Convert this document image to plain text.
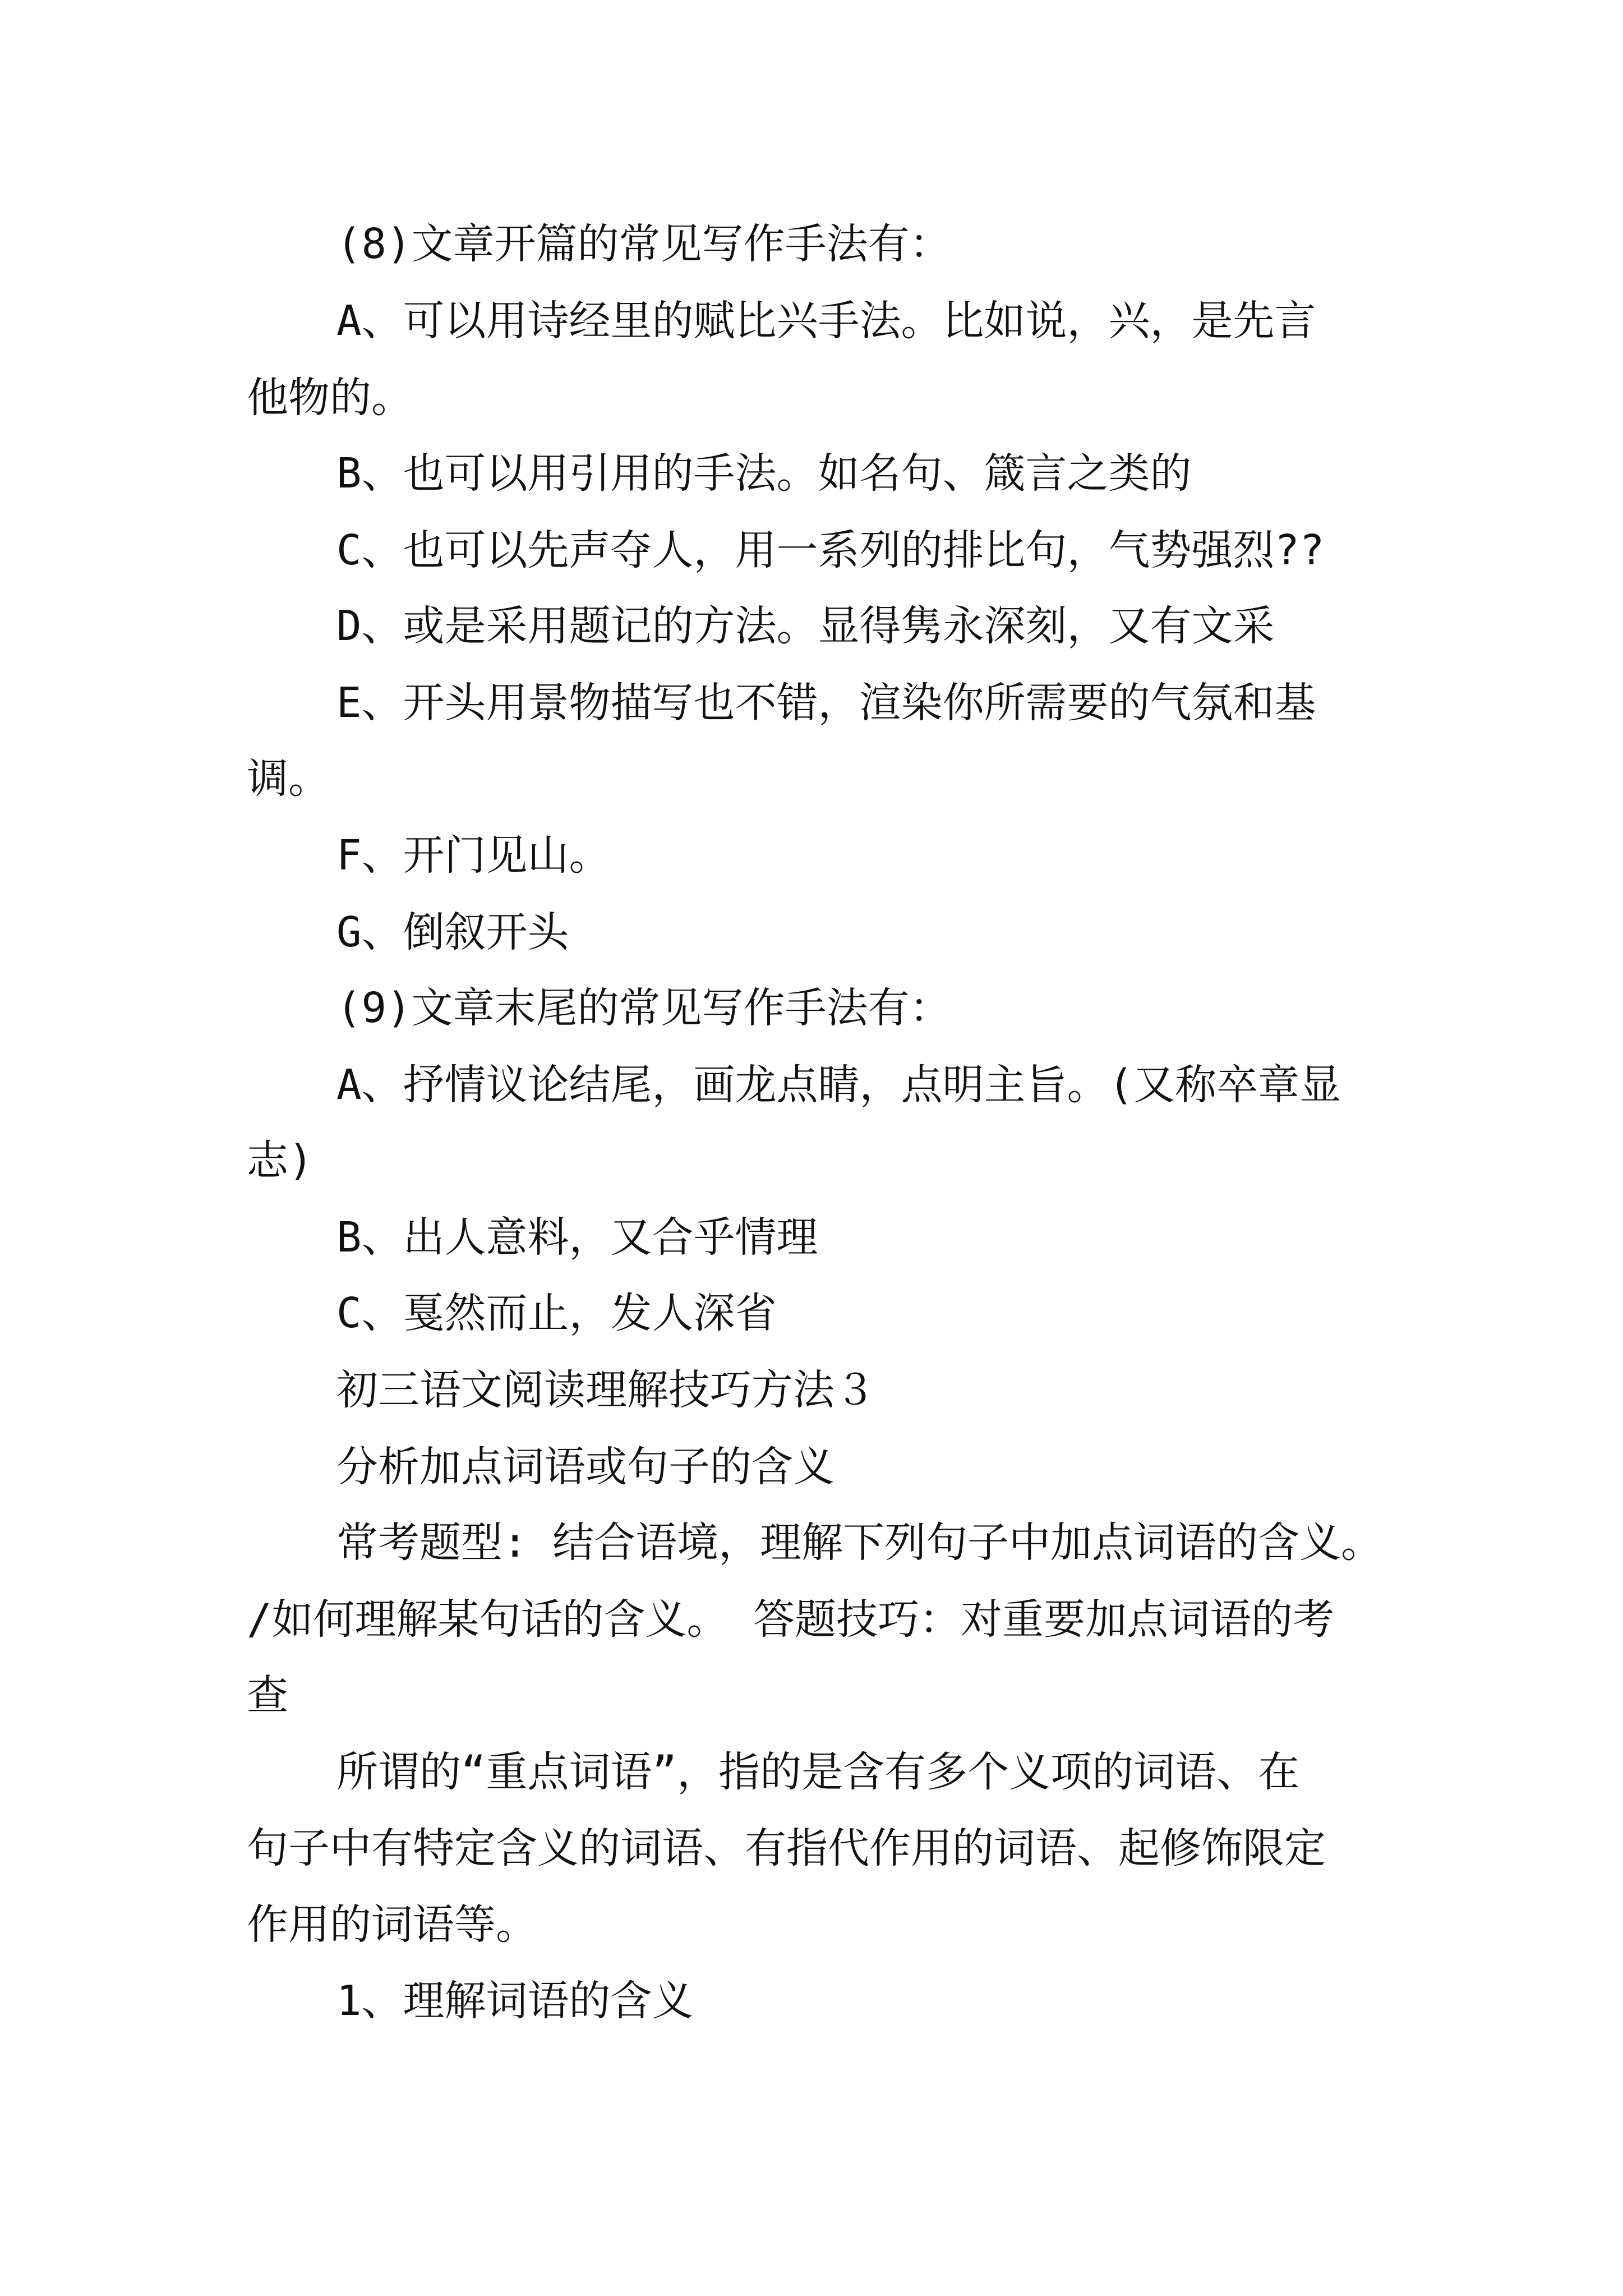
(8)文章开篇的常见写作手法有：
A、可以用诗经里的赋比兴手法。比如说，兴，是先言
他物的。
B、也可以用引用的手法。如名句、箴言之类的
C、也可以先声夺人，用一系列的排比句，气势强烈??
D、或是采用题记的方法。显得隽永深刻，又有文采
E、开头用景物描写也不错，渲染你所需要的气氛和基
调。
F、开门见山。
G、倒叙开头
(9)文章末尾的常见写作手法有：
A、抒情议论结尾，画龙点睛，点明主旨。(又称卒章显
志)
B、出人意料，又合乎情理
C、戛然而止，发人深省
初三语文阅读理解技巧方法３
分析加点词语或句子的含义
常考题型: 结合语境，理解下列句子中加点词语的含义。
/如何理解某句话的含义。 答题技巧：对重要加点词语的考
查
所谓的“重点词语”，指的是含有多个义项的词语、在
句子中有特定含义的词语、有指代作用的词语、起修饰限定
作用的词语等。
1、理解词语的含义
